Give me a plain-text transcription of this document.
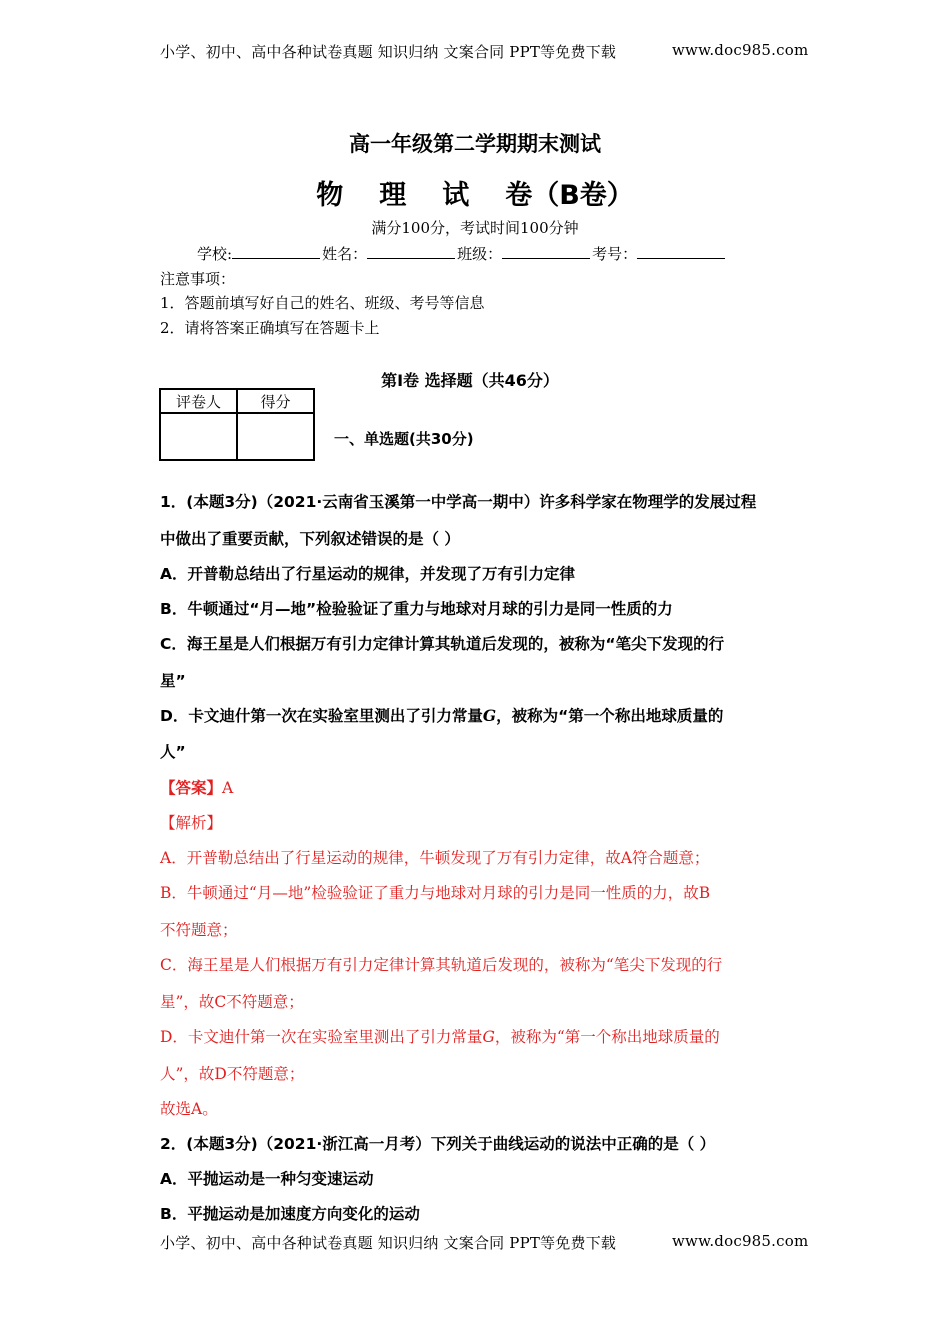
小学、初中、高中各种试卷真题 知识归纳 文案合同 PPT等免费下载	www.doc985.com
高一年级第二学期期末测试
物 理 试 卷（B卷）
满分100分，考试时间100分钟
学校:	姓名：	班级：	考号：
注意事项：
1．答题前填写好自己的姓名、班级、考号等信息
2．请将答案正确填写在答题卡上
第Ⅰ卷 选择题（共46分）
评卷人	得分

一、单选题(共30分)
1．(本题3分)（2021·云南省玉溪第一中学高一期中）许多科学家在物理学的发展过程
中做出了重要贡献，下列叙述错误的是（ ）
A．开普勒总结出了行星运动的规律，并发现了万有引力定律
B．牛顿通过“月—地”检验验证了重力与地球对月球的引力是同一性质的力
C．海王星是人们根据万有引力定律计算其轨道后发现的，被称为“笔尖下发现的行
星”
D．卡文迪什第一次在实验室里测出了引力常量G，被称为“第一个称出地球质量的
人”
【答案】A
【解析】
A．开普勒总结出了行星运动的规律，牛顿发现了万有引力定律，故A符合题意；
B．牛顿通过“月—地”检验验证了重力与地球对月球的引力是同一性质的力，故B
不符题意；
C．海王星是人们根据万有引力定律计算其轨道后发现的，被称为“笔尖下发现的行
星”，故C不符题意；
D．卡文迪什第一次在实验室里测出了引力常量G，被称为“第一个称出地球质量的
人”，故D不符题意；
故选A。
2．(本题3分)（2021·浙江高一月考）下列关于曲线运动的说法中正确的是（ ）
A．平抛运动是一种匀变速运动
B．平抛运动是加速度方向变化的运动
小学、初中、高中各种试卷真题 知识归纳 文案合同 PPT等免费下载	www.doc985.com
